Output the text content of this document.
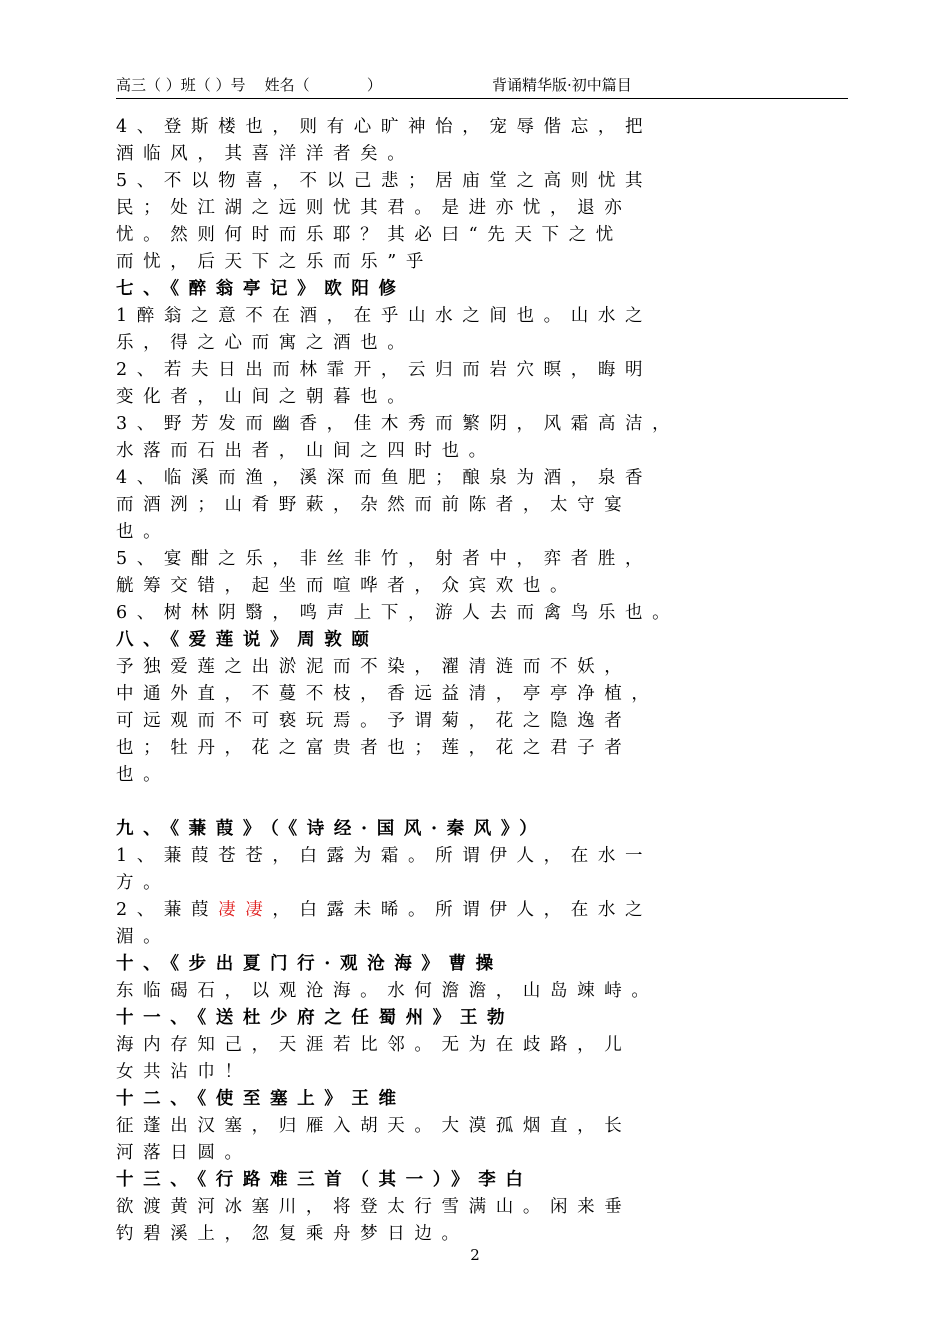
高三（ ）班（ ）号    姓名（            ）	背诵精华版·初中篇目
4、登斯楼也，则有心旷神怡，宠辱偕忘，把
酒临风，其喜洋洋者矣。
5、不以物喜，不以己悲；居庙堂之高则忧其
民；处江湖之远则忧其君。是进亦忧，退亦
忧。然则何时而乐耶？其必曰“先天下之忧
而忧，后天下之乐而乐”乎
七、《醉翁亭记》欧阳修
1醉翁之意不在酒，在乎山水之间也。山水之
乐，得之心而寓之酒也。
2、若夫日出而林霏开，云归而岩穴暝，晦明
变化者，山间之朝暮也。
3、野芳发而幽香，佳木秀而繁阴，风霜高洁，
水落而石出者，山间之四时也。
4、临溪而渔，溪深而鱼肥；酿泉为酒，泉香
而酒洌；山肴野蔌，杂然而前陈者，太守宴
也。
5、宴酣之乐，非丝非竹，射者中，弈者胜，
觥筹交错，起坐而喧哗者，众宾欢也。
6、树林阴翳，鸣声上下，游人去而禽鸟乐也。
八、《爱莲说》周敦颐
予独爱莲之出淤泥而不染，濯清涟而不妖，
中通外直，不蔓不枝，香远益清，亭亭净植，
可远观而不可亵玩焉。予谓菊，花之隐逸者
也；牡丹，花之富贵者也；莲，花之君子者
也。
九、《蒹葭》（《诗经·国风·秦风》）
1、蒹葭苍苍，白露为霜。所谓伊人，在水一
方。
2、蒹葭凄凄，白露未晞。所谓伊人，在水之
湄。
十、《步出夏门行·观沧海》曹操
东临碣石，以观沧海。水何澹澹，山岛竦峙。
十一、《送杜少府之任蜀州》王勃
海内存知己，天涯若比邻。无为在歧路，儿
女共沾巾！
十二、《使至塞上》王维
征蓬出汉塞，归雁入胡天。大漠孤烟直，长
河落日圆。
十三、《行路难三首（其一）》李白
欲渡黄河冰塞川，将登太行雪满山。闲来垂
钓碧溪上，忽复乘舟梦日边。
2
